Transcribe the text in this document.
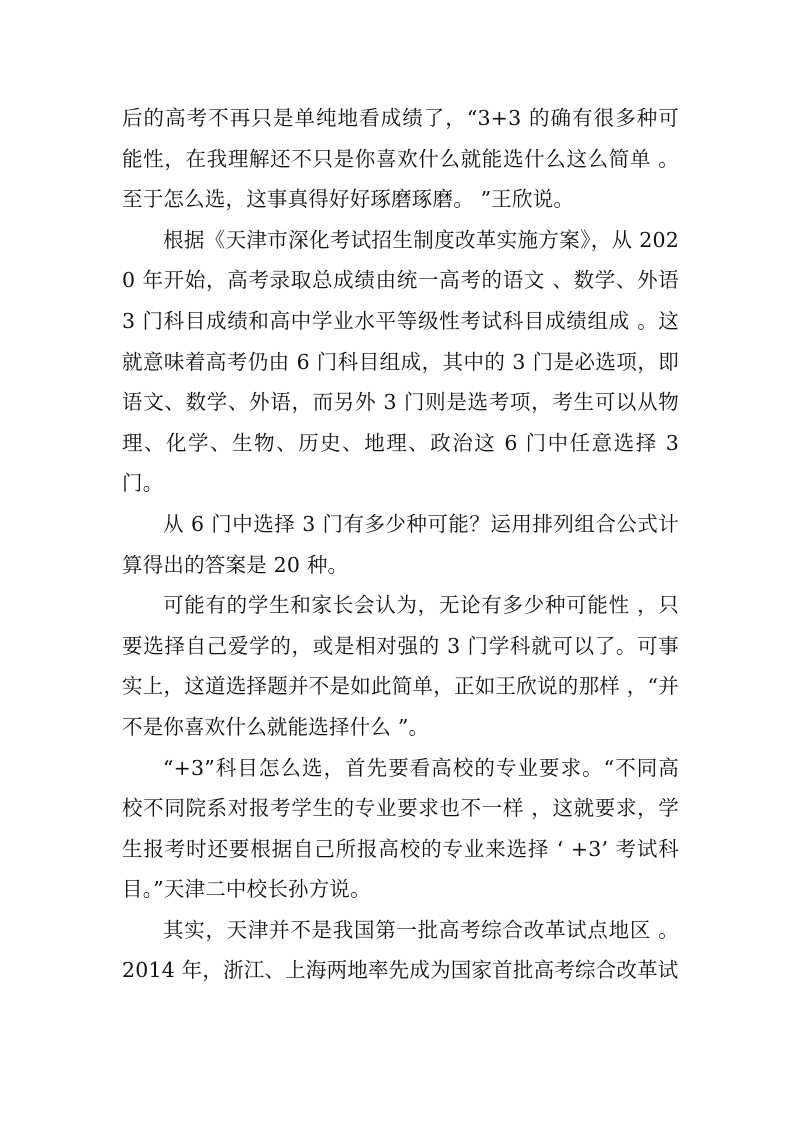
后的高考不再只是单纯地看成绩了，“3+3 的确有很多种可能性，在我理解还不只是你喜欢什么就能选什么这么简单 。至于怎么选，这事真得好好琢磨琢磨。 ”王欣说。

根据《天津市深化考试招生制度改革实施方案》，从 2020 年开始，高考录取总成绩由统一高考的语文 、数学、外语 3 门科目成绩和高中学业水平等级性考试科目成绩组成 。这就意味着高考仍由 6 门科目组成，其中的 3 门是必选项，即语文、数学、外语，而另外 3 门则是选考项，考生可以从物理、化学、生物、历史、地理、政治这 6 门中任意选择 3 门。

从 6 门中选择 3 门有多少种可能？运用排列组合公式计算得出的答案是 20 种。

可能有的学生和家长会认为，无论有多少种可能性 ，只要选择自己爱学的，或是相对强的 3 门学科就可以了。可事实上，这道选择题并不是如此简单，正如王欣说的那样 ，“并不是你喜欢什么就能选择什么 ”。

“+3”科目怎么选，首先要看高校的专业要求。“不同高校不同院系对报考学生的专业要求也不一样 ，这就要求，学生报考时还要根据自己所报高校的专业来选择 ‘ +3’ 考试科目。”天津二中校长孙方说。

其实，天津并不是我国第一批高考综合改革试点地区 。2014 年，浙江、上海两地率先成为国家首批高考综合改革试
